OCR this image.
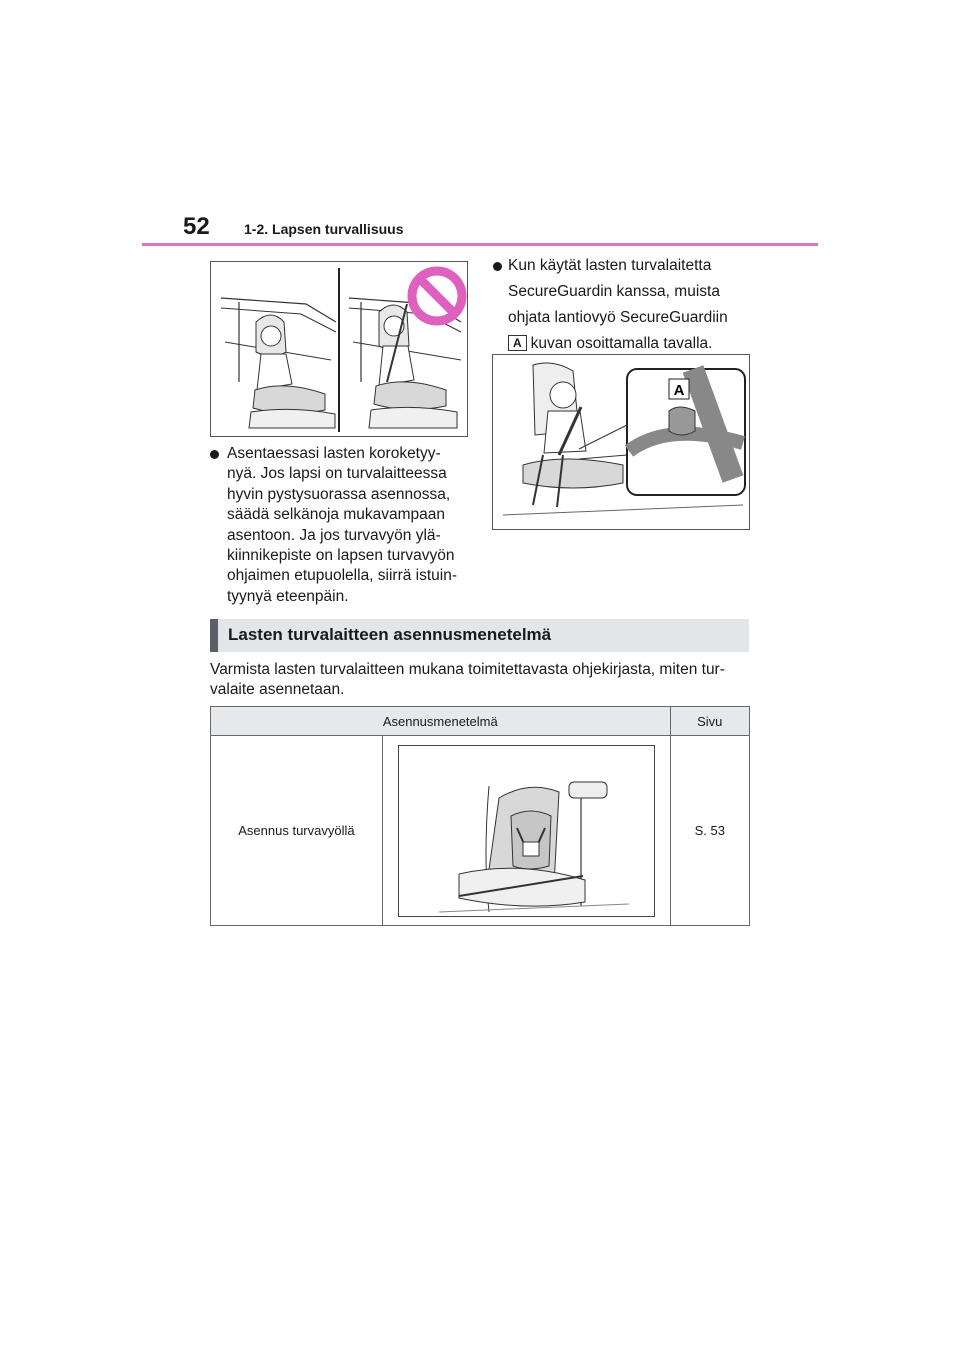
52 1-2. Lapsen turvallisuus
Asentaessasi lasten koroketyy-
nyä. Jos lapsi on turvalaitteessa
hyvin pystysuorassa asennossa,
säädä selkänoja mukavampaan
asentoon. Ja jos turvavyön ylä-
kiinnikepiste on lapsen turvavyön
ohjaimen etupuolella, siirrä istuin-
tyynyä eteenpäin.
Kun käytät lasten turvalaitetta
SecureGuardin kanssa, muista
ohjata lantiovyö SecureGuardiin
A kuvan osoittamalla tavalla.
A
Lasten turvalaitteen asennusmenetelmä
Varmista lasten turvalaitteen mukana toimitettavasta ohjekirjasta, miten tur-
valaite asennetaan.
Asennusmenetelmä		Sivu
Asennus turvavyöllä		S. 53
